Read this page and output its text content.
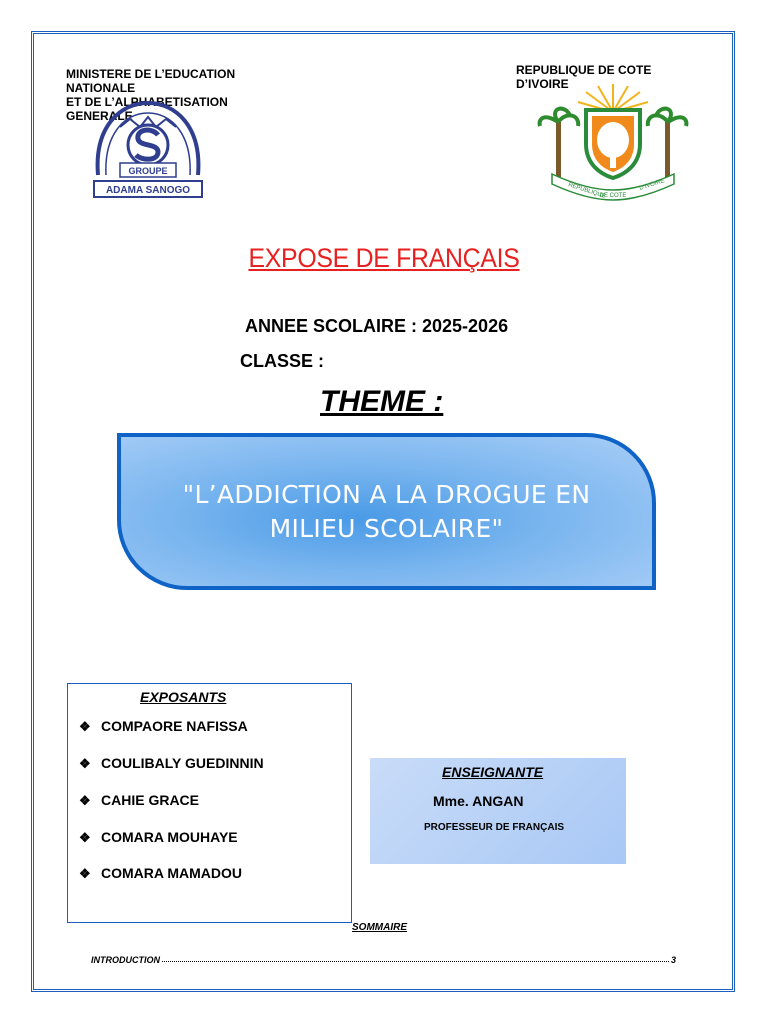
MINISTERE DE L’EDUCATION
NATIONALE
ET DE L’ALPHABETISATION
GENERALE
GROUPE
ADAMA SANOGO
REPUBLIQUE DE COTE
D’IVOIRE
REPUBLIQUE
DE COTE
D’IVOIRE
EXPOSE DE FRANÇAIS
ANNEE SCOLAIRE : 2025-2026
CLASSE :
THEME :
"L’ADDICTION A LA DROGUE EN MILIEU SCOLAIRE"
EXPOSANTS
❖ COMPAORE NAFISSA
❖ COULIBALY GUEDINNIN
❖ CAHIE GRACE
❖ COMARA MOUHAYE
❖ COMARA MAMADOU
ENSEIGNANTE
Mme. ANGAN
PROFESSEUR DE FRANÇAIS
SOMMAIRE
INTRODUCTION	3
